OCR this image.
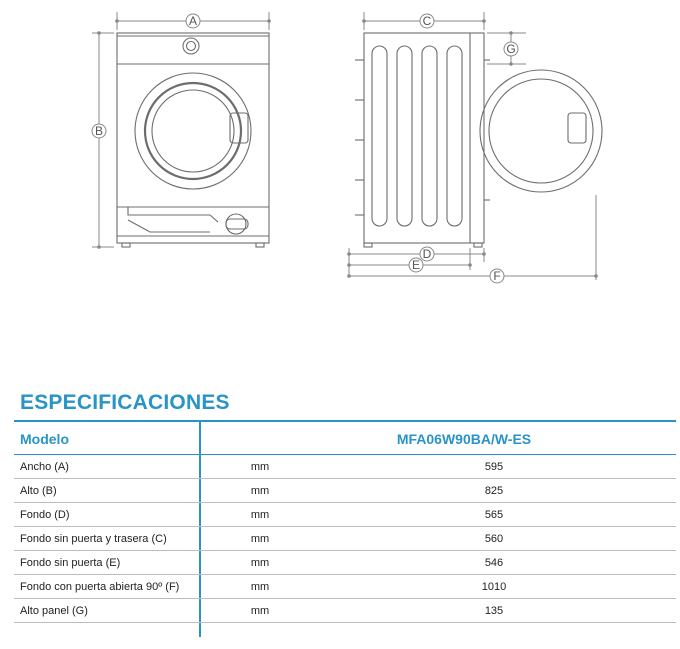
A
B
C
G
D
E
F
ESPECIFICACIONES
Modelo	MFA06W90BA/W-ES
Ancho (A)	mm	595
Alto (B)	mm	825
Fondo (D)	mm	565
Fondo sin puerta y trasera (C)	mm	560
Fondo sin puerta (E)	mm	546
Fondo con puerta abierta 90º (F)	mm	1010
Alto panel (G)	mm	135
